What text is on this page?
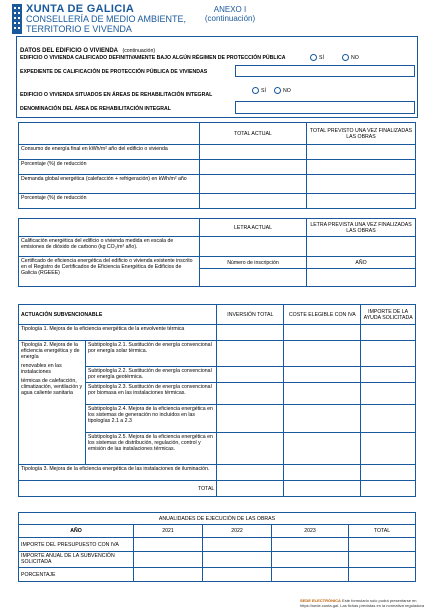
XUNTA DE GALICIA
CONSELLERÍA DE MEDIO AMBIENTE,
TERRITORIO E VIVENDA
ANEXO I
(continuación)
DATOS DEL EDIFICIO O VIVIENDA (continuación)
EDIFICIO O VIVIENDA CALIFICADO DEFINITIVAMENTE BAJO ALGÚN RÉGIMEN DE PROTECCIÓN PÚBLICA	SÍ	NO
EXPEDIENTE DE CALIFICACIÓN DE PROTECCIÓN PÚBLICA DE VIVIENDAS
EDIFICIO O VIVIENDA SITUADOS EN ÁREAS DE REHABILITACIÓN INTEGRAL
SÍ	NO
DENOMINACIÓN DEL ÁREA DE REHABILITACIÓN INTEGRAL
	TOTAL ACTUAL	TOTAL PREVISTO UNA VEZ FINALIZADAS LAS OBRAS
Consumo de energía final en kWh/m² año del edificio o vivienda		
Porcentaje (%) de reducción		
Demanda global energética (calefacción + refrigeración) en kWh/m² año		
Porcentaje (%) de reducción		
	LETRA ACTUAL	LETRA PREVISTA UNA VEZ FINALIZADAS LAS OBRAS
Calificación energética del edificio o vivienda medida en escala de emisiones de dióxido de carbono (kg CO₂/m² año).		
Certificado de eficiencia energética del edificio o vivienda existente inscrito en el Registro de Certificados de Eficiencia Energética de Edificios de Galicia (RGEEE)	Número de inscripción	AÑO

ACTUACIÓN SUBVENCIONABLE		INVERSIÓN TOTAL	COSTE ELEGIBLE CON IVA	IMPORTE DE LA AYUDA SOLICITADA
Tipología 1. Mejora de la eficiencia energética de la envolvente térmica				

Tipología 2. Mejora de la eficiencia energética y de energía
renovables en las instalaciones
térmicas de calefacción, climatización, ventilación y agua caliente sanitaria	Subtipología 2.1. Sustitución de energía convencional por energía solar térmica.			
	Subtipología 2.2. Sustitución de energía convencional por energía geotérmica.			
	Subtipología 2.3. Sustitución de energía convencional por biomasa en las instalaciones térmicas.			
	Subtipología 2.4. Mejora de la eficiencia energética en los sistemas de generación no incluidos en las tipologías 2.1 a 2.3			
	Subtipología 2.5. Mejora de la eficiencia energética en los sistemas de distribución, regulación, control y emisión de las instalaciones térmicas.			
Tipología 3. Mejora de la eficiencia energética de las instalaciones de iluminación.				
TOTAL				
ANUALIDADES DE EJECUCIÓN DE LAS OBRAS				
AÑO	2021	2022	2023	TOTAL
IMPORTE DEL PRESUPUESTO CON IVA				
IMPORTE ANUAL DE LA SUBVENCIÓN SOLICITADA				
PORCENTAJE				
SEDE ELECTRÓNICA Este formulario solo podrá presentarse en https://sede.xunta.gal. Las fichas previstas en la normativa reguladora
